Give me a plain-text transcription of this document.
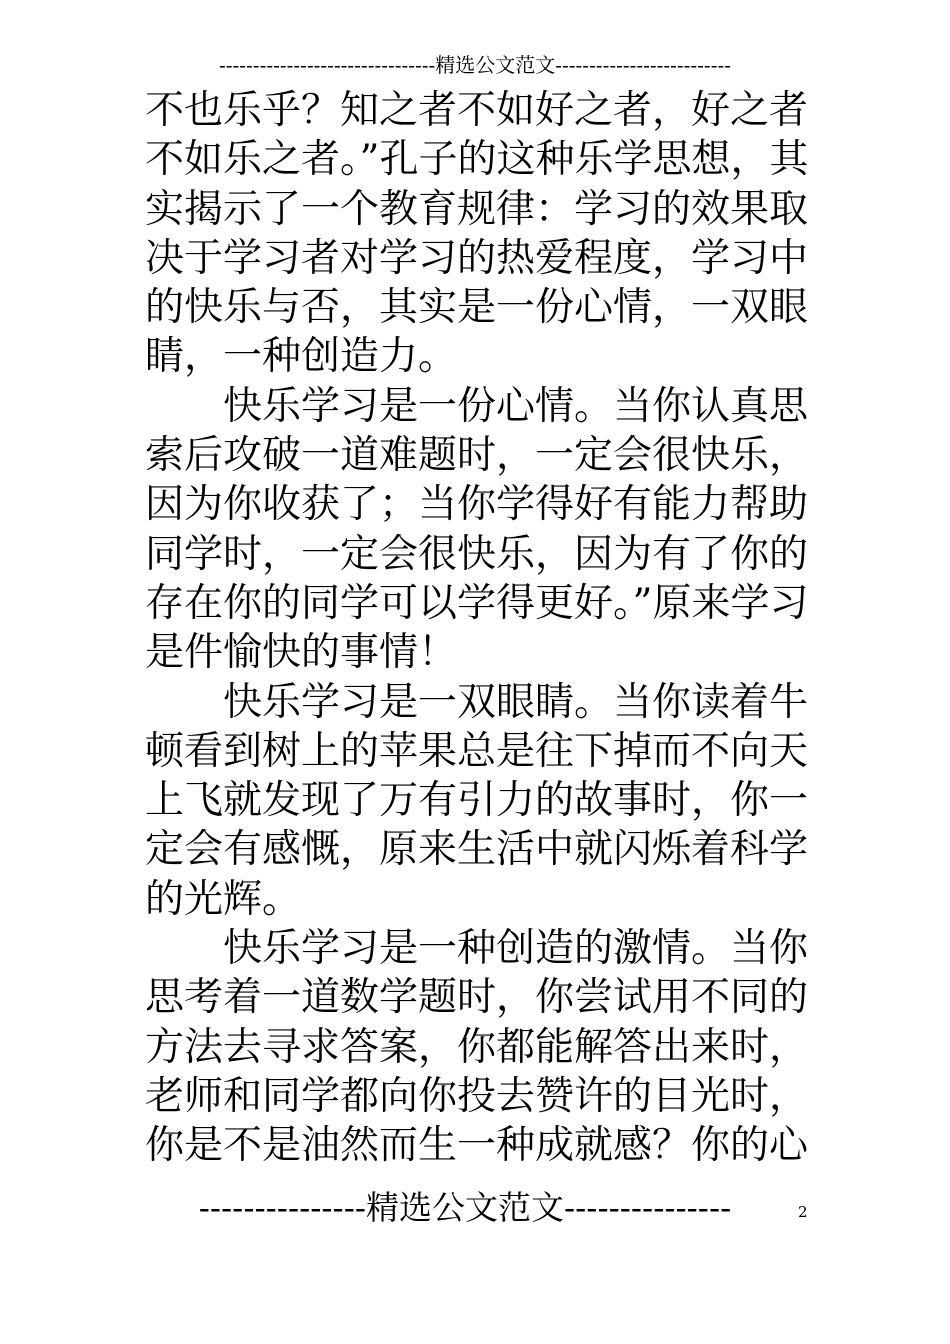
--------------------------------精选公文范文--------------------------
不也乐乎？知之者不如好之者，好之者
不如乐之者。”孔子的这种乐学思想，其
实揭示了一个教育规律：学习的效果取
决于学习者对学习的热爱程度，学习中
的快乐与否，其实是一份心情，一双眼
睛，一种创造力。
快乐学习是一份心情。当你认真思
索后攻破一道难题时，一定会很快乐，
因为你收获了；当你学得好有能力帮助
同学时，一定会很快乐，因为有了你的
存在你的同学可以学得更好。”原来学习
是件愉快的事情！
快乐学习是一双眼睛。当你读着牛
顿看到树上的苹果总是往下掉而不向天
上飞就发现了万有引力的故事时，你一
定会有感慨，原来生活中就闪烁着科学
的光辉。
快乐学习是一种创造的激情。当你
思考着一道数学题时，你尝试用不同的
方法去寻求答案，你都能解答出来时，
老师和同学都向你投去赞许的目光时，
你是不是油然而生一种成就感？你的心
---------------精选公文范文---------------	2
